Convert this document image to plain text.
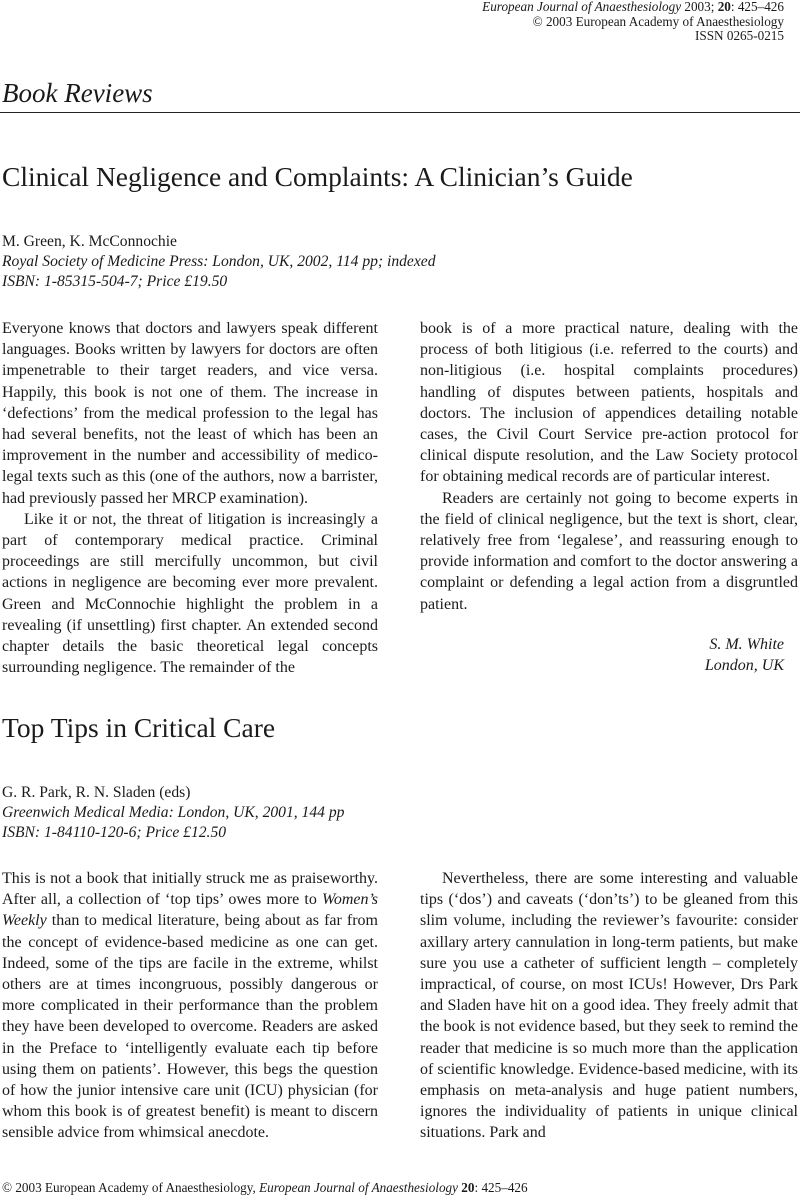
European Journal of Anaesthesiology 2003; 20: 425–426
© 2003 European Academy of Anaesthesiology
ISSN 0265-0215
Book Reviews
Clinical Negligence and Complaints: A Clinician’s Guide
M. Green, K. McConnochie
Royal Society of Medicine Press: London, UK, 2002, 114 pp; indexed
ISBN: 1-85315-504-7; Price £19.50

Everyone knows that doctors and lawyers speak different languages. Books written by lawyers for doctors are often impenetrable to their target readers, and vice versa. Happily, this book is not one of them. The increase in ‘defections’ from the medical profession to the legal has had several benefits, not the least of which has been an improvement in the number and accessibility of medico-legal texts such as this (one of the authors, now a barrister, had previously passed her MRCP examination).

Like it or not, the threat of litigation is increasingly a part of contemporary medical practice. Criminal proceedings are still mercifully uncommon, but civil actions in negligence are becoming ever more prevalent. Green and McConnochie highlight the problem in a revealing (if unsettling) first chapter. An extended second chapter details the basic theoretical legal concepts surrounding negligence. The remainder of the

book is of a more practical nature, dealing with the process of both litigious (i.e. referred to the courts) and non-litigious (i.e. hospital complaints procedures) handling of disputes between patients, hospitals and doctors. The inclusion of appendices detailing notable cases, the Civil Court Service pre-action protocol for clinical dispute resolution, and the Law Society protocol for obtaining medical records are of particular interest.

Readers are certainly not going to become experts in the field of clinical negligence, but the text is short, clear, relatively free from ‘legalese’, and reassuring enough to provide information and comfort to the doctor answering a complaint or defending a legal action from a disgruntled patient.

S. M. White
London, UK
Top Tips in Critical Care
G. R. Park, R. N. Sladen (eds)
Greenwich Medical Media: London, UK, 2001, 144 pp
ISBN: 1-84110-120-6; Price £12.50

This is not a book that initially struck me as praiseworthy. After all, a collection of ‘top tips’ owes more to Women’s Weekly than to medical literature, being about as far from the concept of evidence-based medicine as one can get. Indeed, some of the tips are facile in the extreme, whilst others are at times incongruous, possibly dangerous or more complicated in their performance than the problem they have been developed to overcome. Readers are asked in the Preface to ‘intelligently evaluate each tip before using them on patients’. However, this begs the question of how the junior intensive care unit (ICU) physician (for whom this book is of greatest benefit) is meant to discern sensible advice from whimsical anecdote.

Nevertheless, there are some interesting and valuable tips (‘dos’) and caveats (‘don’ts’) to be gleaned from this slim volume, including the reviewer’s favourite: consider axillary artery cannulation in long-term patients, but make sure you use a catheter of sufficient length – completely impractical, of course, on most ICUs! However, Drs Park and Sladen have hit on a good idea. They freely admit that the book is not evidence based, but they seek to remind the reader that medicine is so much more than the application of scientific knowledge. Evidence-based medicine, with its emphasis on meta-analysis and huge patient numbers, ignores the individuality of patients in unique clinical situations. Park and

© 2003 European Academy of Anaesthesiology, European Journal of Anaesthesiology 20: 425–426
